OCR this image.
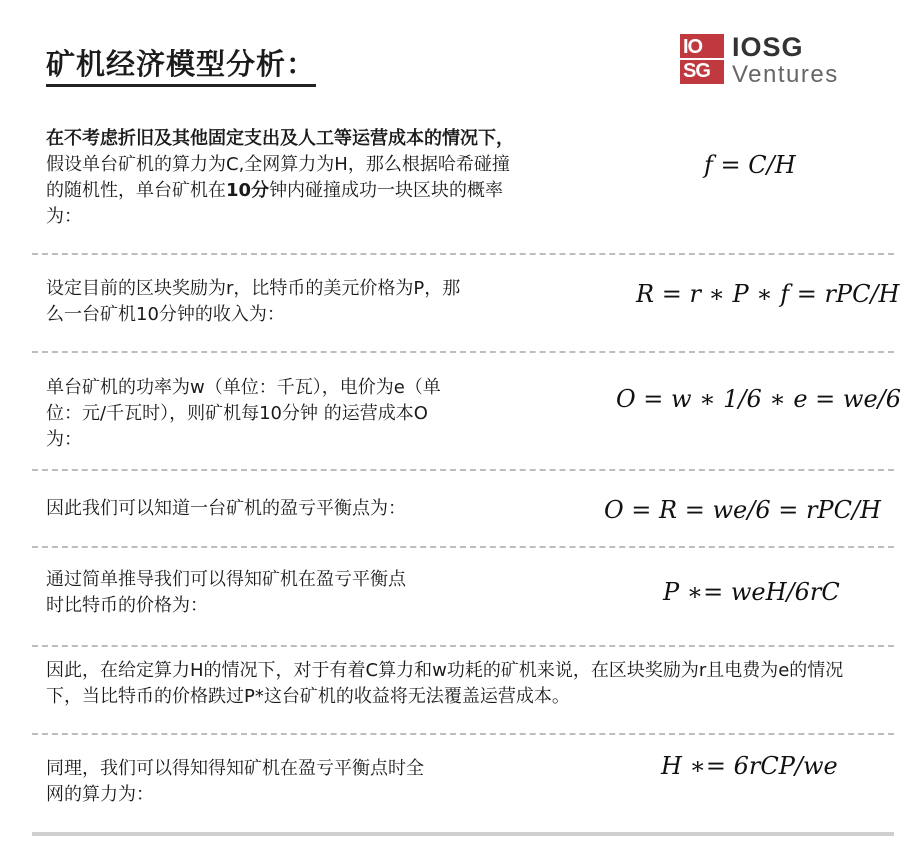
矿机经济模型分析：	IO
SG
IOSG
Ventures
在不考虑折旧及其他固定支出及人工等运营成本的情况下，假设单台矿机的算力为C,全网算力为H，那么根据哈希碰撞的随机性，单台矿机在10分钟内碰撞成功一块区块的概率为：
f = C/H
设定目前的区块奖励为r，比特币的美元价格为P，那么一台矿机10分钟的收入为：
R = r ∗ P ∗ f = rPC/H
单台矿机的功率为w（单位：千瓦），电价为e（单位：元/千瓦时），则矿机每10分钟 的运营成本O为：
O = w ∗ 1/6 ∗ e = we/6
因此我们可以知道一台矿机的盈亏平衡点为：	O = R = we/6 = rPC/H
通过简单推导我们可以得知矿机在盈亏平衡点时比特币的价格为：	P ∗= weH/6rC
因此，在给定算力H的情况下，对于有着C算力和w功耗的矿机来说，在区块奖励为r且电费为e的情况下，当比特币的价格跌过P*这台矿机的收益将无法覆盖运营成本。
同理，我们可以得知得知矿机在盈亏平衡点时全网的算力为：
H ∗= 6rCP/we
